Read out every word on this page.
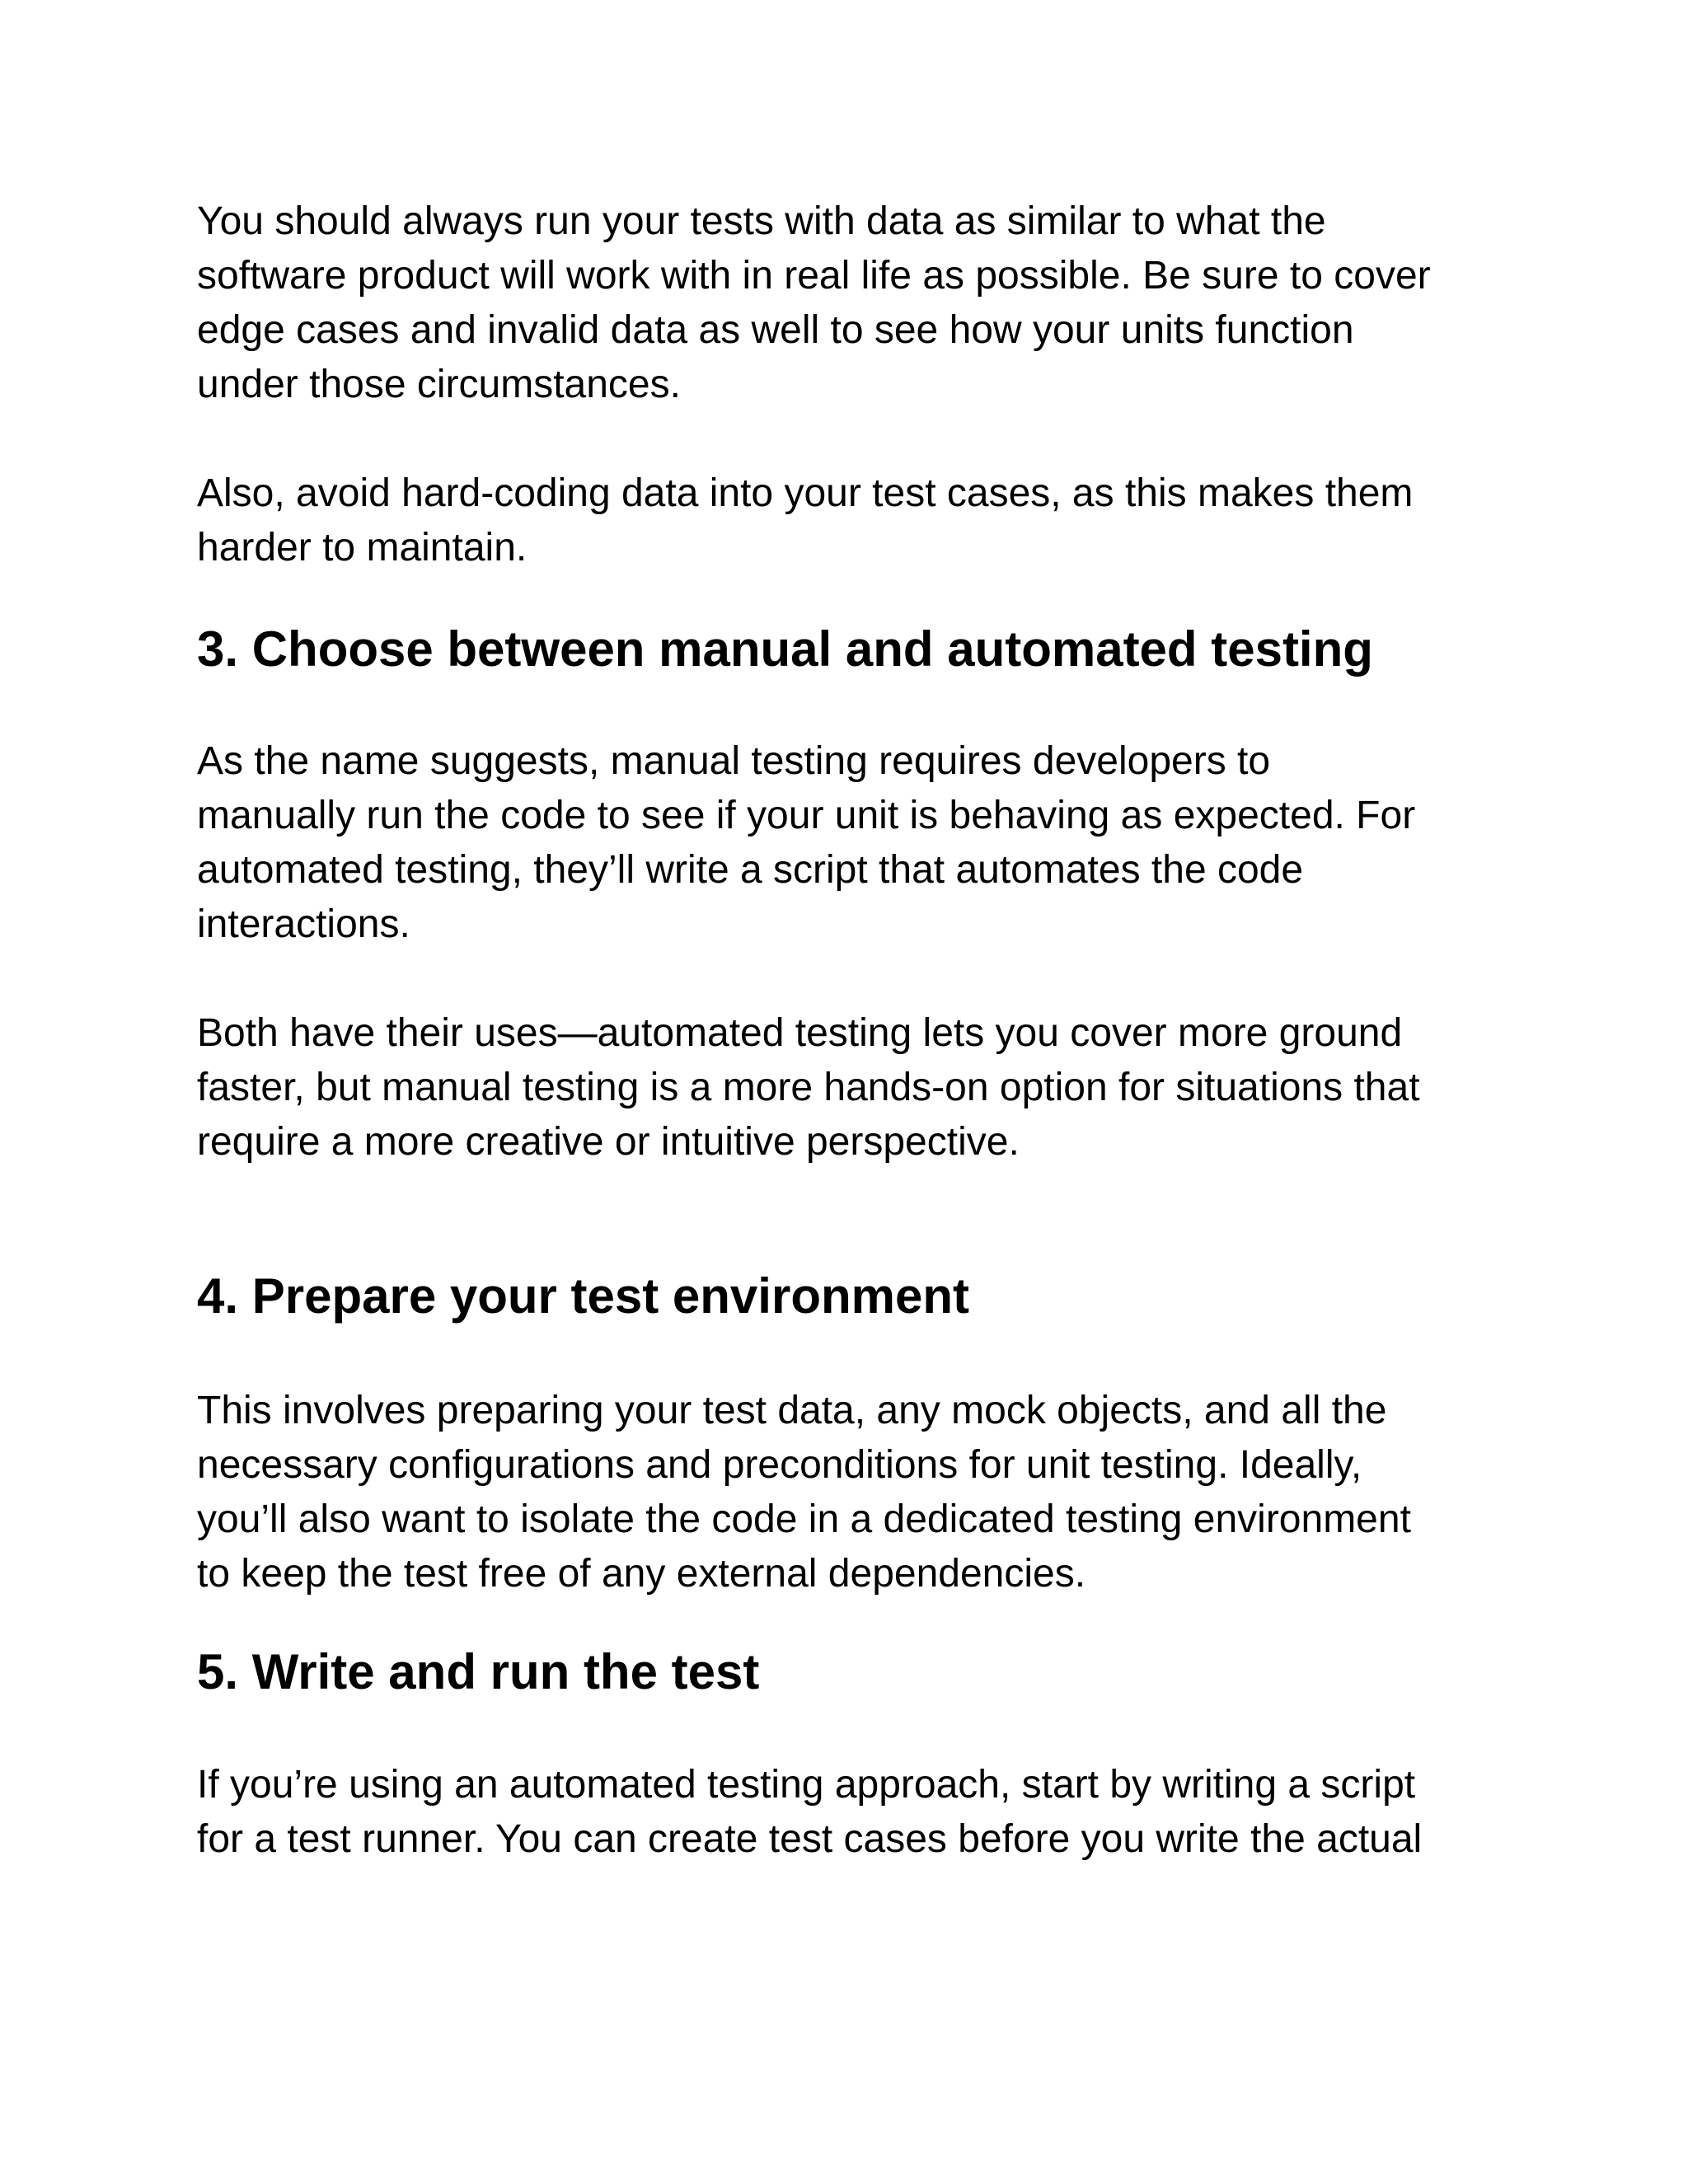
You should always run your tests with data as similar to what the
software product will work with in real life as possible. Be sure to cover
edge cases and invalid data as well to see how your units function
under those circumstances.

Also, avoid hard-coding data into your test cases, as this makes them
harder to maintain.

3. Choose between manual and automated testing

As the name suggests, manual testing requires developers to
manually run the code to see if your unit is behaving as expected. For
automated testing, they’ll write a script that automates the code
interactions.

Both have their uses—automated testing lets you cover more ground
faster, but manual testing is a more hands-on option for situations that
require a more creative or intuitive perspective.

4. Prepare your test environment

This involves preparing your test data, any mock objects, and all the
necessary configurations and preconditions for unit testing. Ideally,
you’ll also want to isolate the code in a dedicated testing environment
to keep the test free of any external dependencies.

5. Write and run the test

If you’re using an automated testing approach, start by writing a script
for a test runner. You can create test cases before you write the actual
